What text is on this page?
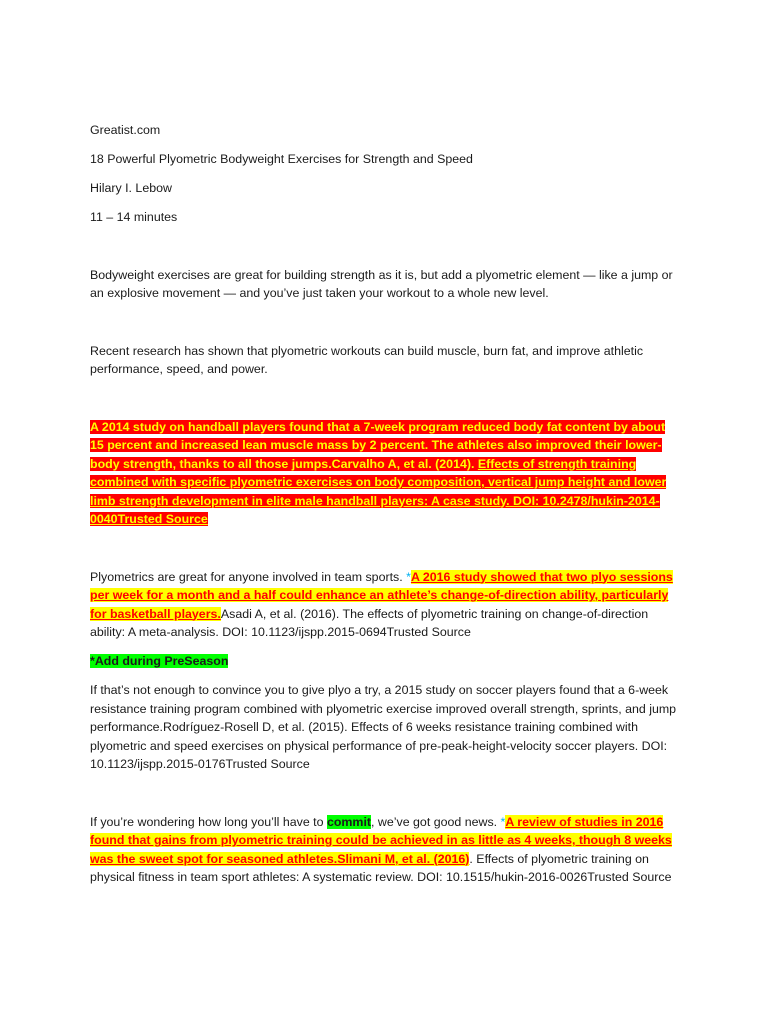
Greatist.com

18 Powerful Plyometric Bodyweight Exercises for Strength and Speed

Hilary I. Lebow

11 – 14 minutes

Bodyweight exercises are great for building strength as it is, but add a plyometric element — like a jump or an explosive movement — and you’ve just taken your workout to a whole new level.

Recent research has shown that plyometric workouts can build muscle, burn fat, and improve athletic performance, speed, and power.

A 2014 study on handball players found that a 7-week program reduced body fat content by about 15 percent and increased lean muscle mass by 2 percent. The athletes also improved their lower-body strength, thanks to all those jumps.Carvalho A, et al. (2014). Effects of strength training combined with specific plyometric exercises on body composition, vertical jump height and lower limb strength development in elite male handball players: A case study. DOI: 10.2478/hukin-2014-0040Trusted Source

Plyometrics are great for anyone involved in team sports. *A 2016 study showed that two plyo sessions per week for a month and a half could enhance an athlete’s change-of-direction ability, particularly for basketball players.Asadi A, et al. (2016). The effects of plyometric training on change-of-direction ability: A meta-analysis. DOI: 10.1123/ijspp.2015-0694Trusted Source

*Add during PreSeason

If that’s not enough to convince you to give plyo a try, a 2015 study on soccer players found that a 6-week resistance training program combined with plyometric exercise improved overall strength, sprints, and jump performance.Rodríguez-Rosell D, et al. (2015). Effects of 6 weeks resistance training combined with plyometric and speed exercises on physical performance of pre-peak-height-velocity soccer players. DOI: 10.1123/ijspp.2015-0176Trusted Source

If you’re wondering how long you’ll have to commit, we’ve got good news. *A review of studies in 2016 found that gains from plyometric training could be achieved in as little as 4 weeks, though 8 weeks was the sweet spot for seasoned athletes.Slimani M, et al. (2016). Effects of plyometric training on physical fitness in team sport athletes: A systematic review. DOI: 10.1515/hukin-2016-0026Trusted Source
